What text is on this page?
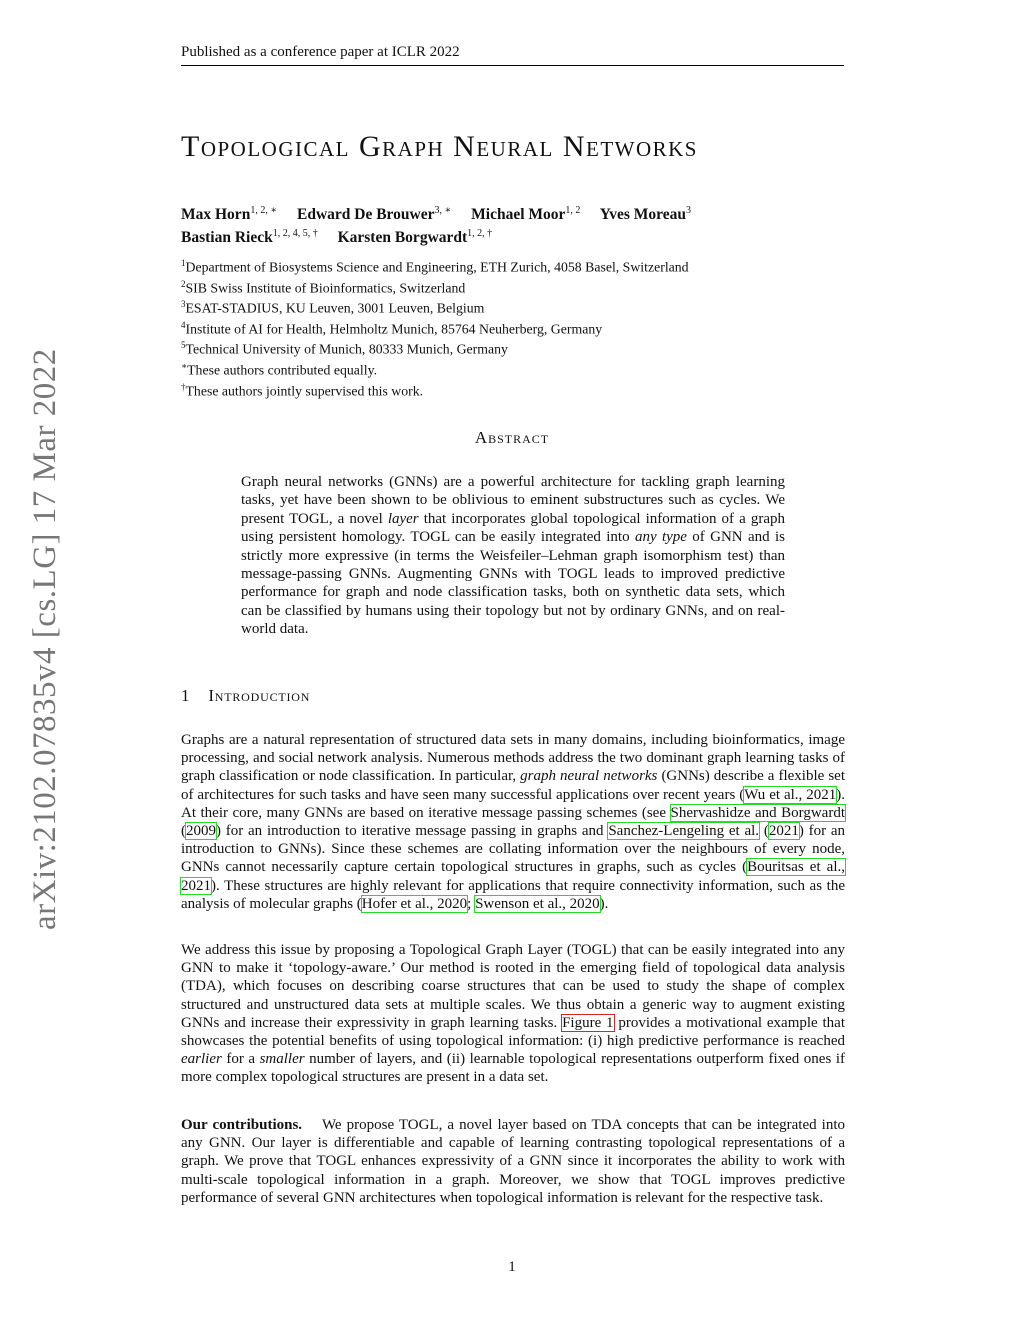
Published as a conference paper at ICLR 2022
arXiv:2102.07835v4 [cs.LG] 17 Mar 2022
Topological Graph Neural Networks
Max Horn$^{1, 2, ∗}$ Edward De Brouwer$^{3, ∗}$ Michael Moor$^{1, 2}$ Yves Moreau$^3$
Bastian Rieck$^{1, 2, 4, 5, \dagger}$ Karsten Borgwardt$^{1, 2, \dagger}$
$^1$Department of Biosystems Science and Engineering, ETH Zurich, 4058 Basel, Switzerland
$^2$SIB Swiss Institute of Bioinformatics, Switzerland
$^3$ESAT-STADIUS, KU Leuven, 3001 Leuven, Belgium
$^4$Institute of AI for Health, Helmholtz Munich, 85764 Neuherberg, Germany
$^5$Technical University of Munich, 80333 Munich, Germany
∗These authors contributed equally.
†These authors jointly supervised this work.
Abstract
Graph neural networks (GNNs) are a powerful architecture for tackling graph learning tasks, yet have been shown to be oblivious to eminent substructures such as cycles. We present TOGL, a novel layer that incorporates global topological information of a graph using persistent homology. TOGL can be easily integrated into any type of GNN and is strictly more expressive (in terms the Weisfeiler–Lehman graph isomorphism test) than message-passing GNNs. Augmenting GNNs with TOGL leads to improved predictive performance for graph and node classification tasks, both on synthetic data sets, which can be classified by humans using their topology but not by ordinary GNNs, and on real-world data.
1 Introduction
Graphs are a natural representation of structured data sets in many domains, including bioinformatics, image processing, and social network analysis. Numerous methods address the two dominant graph learning tasks of graph classification or node classification. In particular, graph neural networks (GNNs) describe a flexible set of architectures for such tasks and have seen many successful applications over recent years (Wu et al., 2021). At their core, many GNNs are based on iterative message passing schemes (see Shervashidze and Borgwardt (2009) for an introduction to iterative message passing in graphs and Sanchez-Lengeling et al. (2021) for an introduction to GNNs). Since these schemes are collating information over the neighbours of every node, GNNs cannot necessarily capture certain topological structures in graphs, such as cycles (Bouritsas et al., 2021). These structures are highly relevant for applications that require connectivity information, such as the analysis of molecular graphs (Hofer et al., 2020; Swenson et al., 2020).
We address this issue by proposing a Topological Graph Layer (TOGL) that can be easily integrated into any GNN to make it ‘topology-aware.’ Our method is rooted in the emerging field of topological data analysis (TDA), which focuses on describing coarse structures that can be used to study the shape of complex structured and unstructured data sets at multiple scales. We thus obtain a generic way to augment existing GNNs and increase their expressivity in graph learning tasks. Figure 1 provides a motivational example that showcases the potential benefits of using topological information: (i) high predictive performance is reached earlier for a smaller number of layers, and (ii) learnable topological representations outperform fixed ones if more complex topological structures are present in a data set.
Our contributions. We propose TOGL, a novel layer based on TDA concepts that can be integrated into any GNN. Our layer is differentiable and capable of learning contrasting topological representations of a graph. We prove that TOGL enhances expressivity of a GNN since it incorporates the ability to work with multi-scale topological information in a graph. Moreover, we show that TOGL improves predictive performance of several GNN architectures when topological information is relevant for the respective task.
1
